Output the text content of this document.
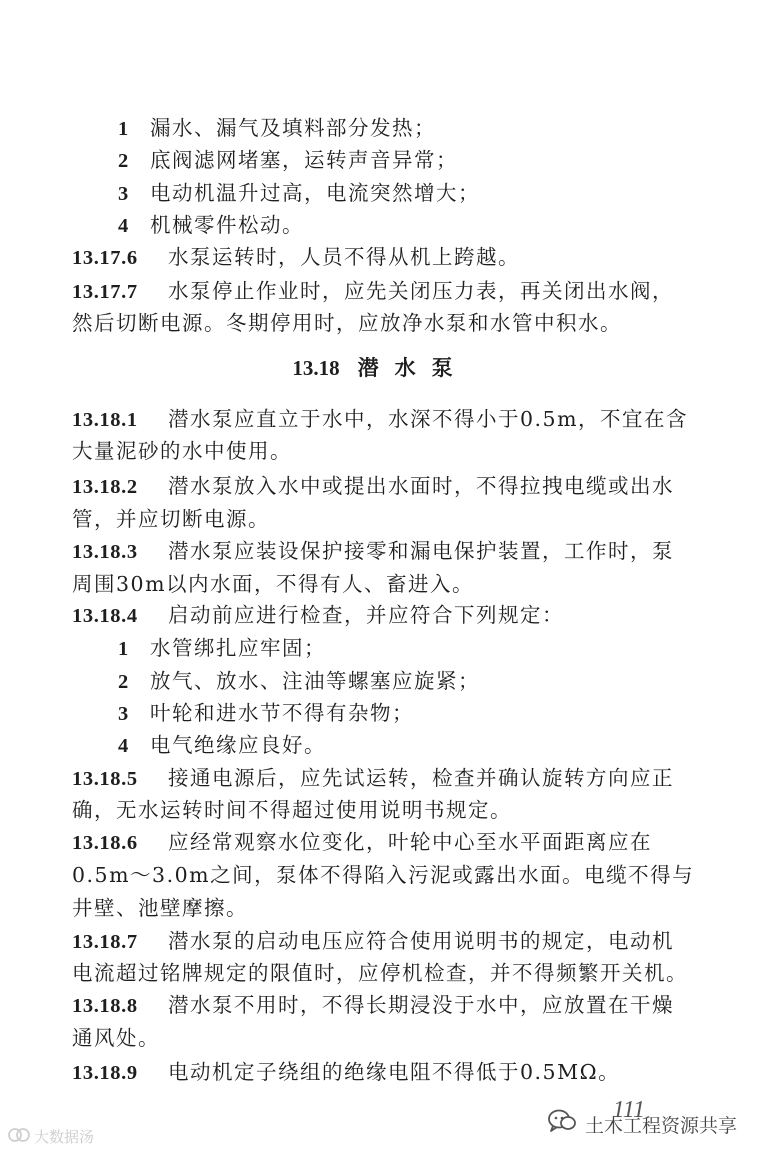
1 漏水、漏气及填料部分发热；
2 底阀滤网堵塞，运转声音异常；
3 电动机温升过高，电流突然增大；
4 机械零件松动。
13.17.6 水泵运转时，人员不得从机上跨越。
13.17.7 水泵停止作业时，应先关闭压力表，再关闭出水阀，
然后切断电源。冬期停用时，应放净水泵和水管中积水。
13.18 潜水泵
13.18.1 潜水泵应直立于水中，水深不得小于0.5m，不宜在含
大量泥砂的水中使用。
13.18.2 潜水泵放入水中或提出水面时，不得拉拽电缆或出水
管，并应切断电源。
13.18.3 潜水泵应装设保护接零和漏电保护装置，工作时，泵
周围30m以内水面，不得有人、畜进入。
13.18.4 启动前应进行检查，并应符合下列规定：
1 水管绑扎应牢固；
2 放气、放水、注油等螺塞应旋紧；
3 叶轮和进水节不得有杂物；
4 电气绝缘应良好。
13.18.5 接通电源后，应先试运转，检查并确认旋转方向应正
确，无水运转时间不得超过使用说明书规定。
13.18.6 应经常观察水位变化，叶轮中心至水平面距离应在
0.5m～3.0m之间，泵体不得陷入污泥或露出水面。电缆不得与
井壁、池壁摩擦。
13.18.7 潜水泵的启动电压应符合使用说明书的规定，电动机
电流超过铭牌规定的限值时，应停机检查，并不得频繁开关机。
13.18.8 潜水泵不用时，不得长期浸没于水中，应放置在干燥
通风处。
13.18.9 电动机定子绕组的绝缘电阻不得低于0.5MΩ。
111
大数据汤
土木工程资源共享
